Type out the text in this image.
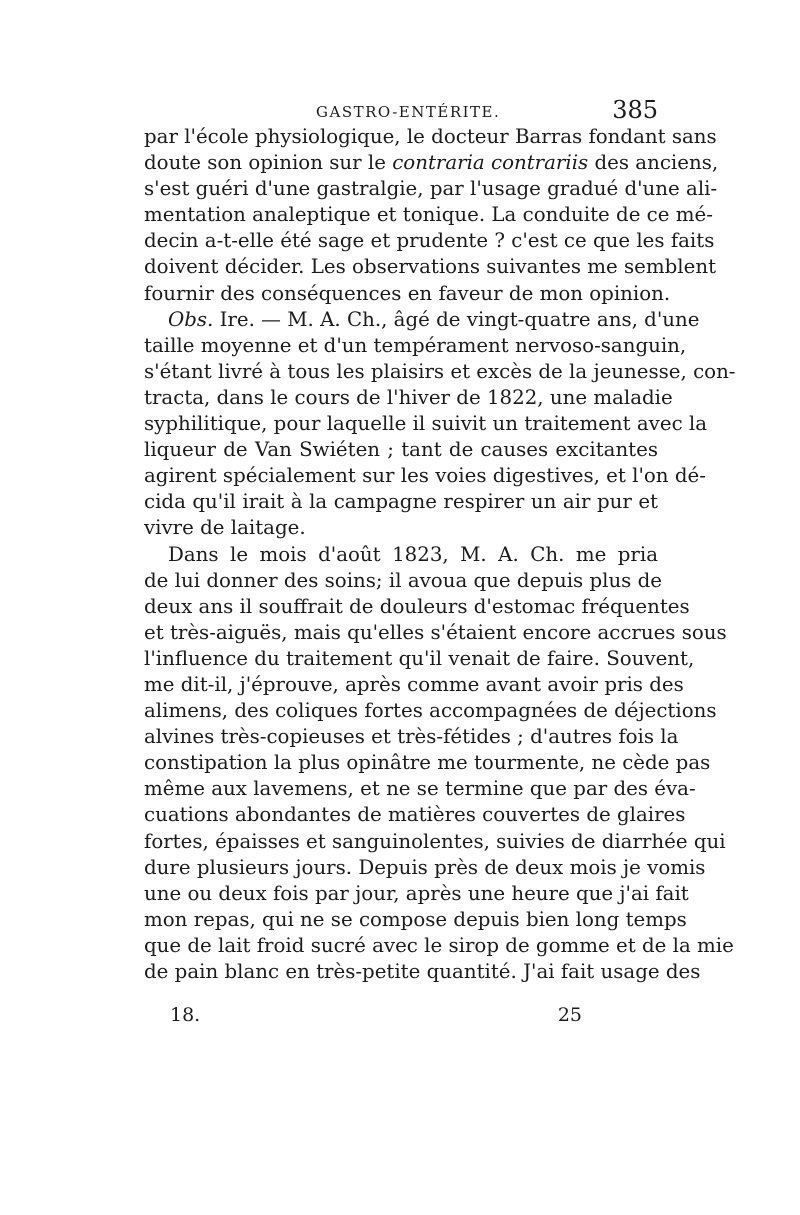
GASTRO-ENTÉRITE.	385
par l'école physiologique, le docteur Barras fondant sans
doute son opinion sur le contraria contrariis des anciens,
s'est guéri d'une gastralgie, par l'usage gradué d'une ali-
mentation analeptique et tonique. La conduite de ce mé-
decin a-t-elle été sage et prudente ? c'est ce que les faits
doivent décider. Les observations suivantes me semblent
fournir des conséquences en faveur de mon opinion.
Obs. Ire. — M. A. Ch., âgé de vingt-quatre ans, d'une
taille moyenne et d'un tempérament nervoso-sanguin,
s'étant livré à tous les plaisirs et excès de la jeunesse, con-
tracta, dans le cours de l'hiver de 1822, une maladie
syphilitique, pour laquelle il suivit un traitement avec la
liqueur de Van Swiéten ; tant de causes excitantes
agirent spécialement sur les voies digestives, et l'on dé-
cida qu'il irait à la campagne respirer un air pur et
vivre de laitage.
Dans le mois d'août 1823, M. A. Ch. me pria
de lui donner des soins; il avoua que depuis plus de
deux ans il souffrait de douleurs d'estomac fréquentes
et très-aiguës, mais qu'elles s'étaient encore accrues sous
l'influence du traitement qu'il venait de faire. Souvent,
me dit-il, j'éprouve, après comme avant avoir pris des
alimens, des coliques fortes accompagnées de déjections
alvines très-copieuses et très-fétides ; d'autres fois la
constipation la plus opinâtre me tourmente, ne cède pas
même aux lavemens, et ne se termine que par des éva-
cuations abondantes de matières couvertes de glaires
fortes, épaisses et sanguinolentes, suivies de diarrhée qui
dure plusieurs jours. Depuis près de deux mois je vomis
une ou deux fois par jour, après une heure que j'ai fait
mon repas, qui ne se compose depuis bien long temps
que de lait froid sucré avec le sirop de gomme et de la mie
de pain blanc en très-petite quantité. J'ai fait usage des
18.	25
